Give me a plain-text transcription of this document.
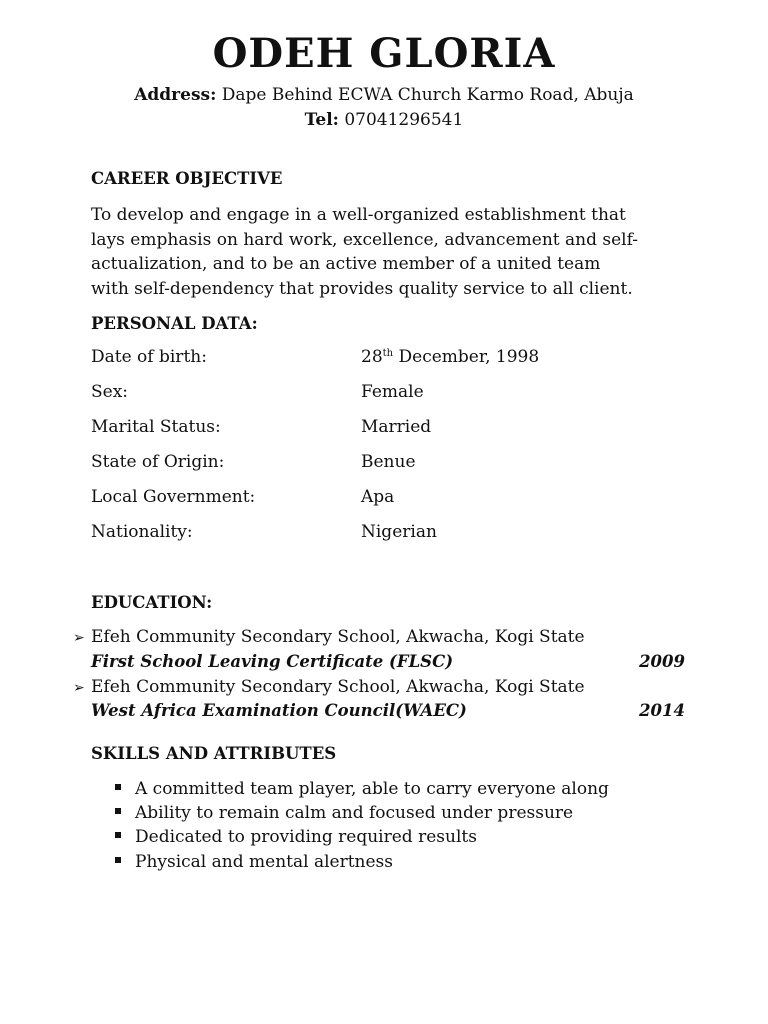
ODEH GLORIA
Address: Dape Behind ECWA Church Karmo Road, Abuja
Tel: 07041296541
CAREER OBJECTIVE
To develop and engage in a well-organized establishment that
lays emphasis on hard work, excellence, advancement and self-
actualization, and to be an active member of a united team
with self-dependency that provides quality service to all client.
PERSONAL DATA:
Date of birth:	28th December, 1998
Sex:	Female
Marital Status:	Married
State of Origin:	Benue
Local Government:	Apa
Nationality:	Nigerian
EDUCATION:
➢ Efeh Community Secondary School, Akwacha, Kogi State
First School Leaving Certificate (FLSC)	2009
➢ Efeh Community Secondary School, Akwacha, Kogi State
West Africa Examination Council(WAEC)	2014
SKILLS AND ATTRIBUTES
A committed team player, able to carry everyone along
Ability to remain calm and focused under pressure
Dedicated to providing required results
Physical and mental alertness
